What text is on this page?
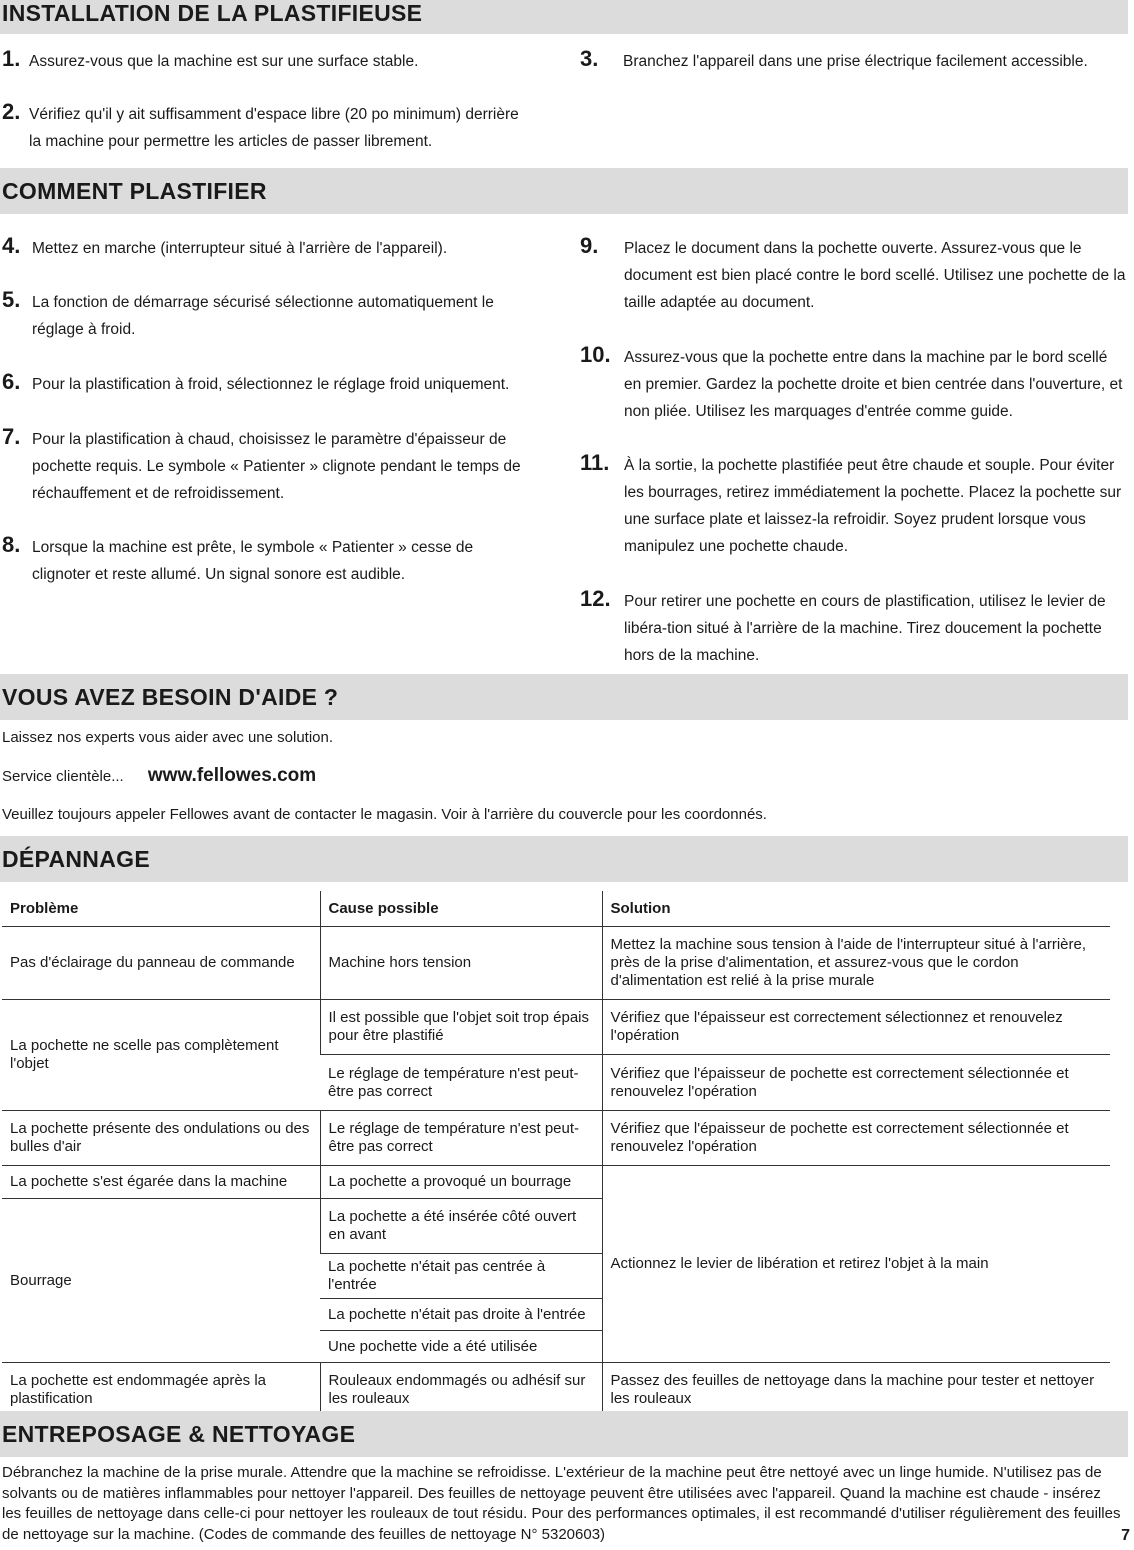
INSTALLATION DE LA PLASTIFIEUSE
1. Assurez-vous que la machine est sur une surface stable.
2. Vérifiez qu'il y ait suffisamment d'espace libre (20 po minimum) derrière la machine pour permettre les articles de passer librement.
3.	Branchez l'appareil dans une prise électrique facilement accessible.
COMMENT PLASTIFIER
4. Mettez en marche (interrupteur situé à l'arrière de l'appareil).
5. La fonction de démarrage sécurisé sélectionne automatiquement le réglage à froid.
6. Pour la plastification à froid, sélectionnez le réglage froid uniquement.
7. Pour la plastification à chaud, choisissez le paramètre d'épaisseur de pochette requis. Le symbole « Patienter » clignote pendant le temps de réchauffement et de refroidissement.
8. Lorsque la machine est prête, le symbole « Patienter » cesse de clignoter et reste allumé. Un signal sonore est audible.
9.	Placez le document dans la pochette ouverte. Assurez-vous que le document est bien placé contre le bord scellé. Utilisez une pochette de la taille adaptée au document.
10. Assurez-vous que la pochette entre dans la machine par le bord scellé en premier. Gardez la pochette droite et bien centrée dans l'ouverture, et non pliée. Utilisez les marquages d'entrée comme guide.
11. À la sortie, la pochette plastifiée peut être chaude et souple. Pour éviter les bourrages, retirez immédiatement la pochette. Placez la pochette sur une surface plate et laissez-la refroidir. Soyez prudent lorsque vous manipulez une pochette chaude.
12. Pour retirer une pochette en cours de plastification, utilisez le levier de libéra-tion situé à l'arrière de la machine. Tirez doucement la pochette hors de la machine.
VOUS AVEZ BESOIN D'AIDE ?
Laissez nos experts vous aider avec une solution.
Service clientèle... www.fellowes.com
Veuillez toujours appeler Fellowes avant de contacter le magasin. Voir à l'arrière du couvercle pour les coordonnés.
DÉPANNAGE
Problème	Cause possible	Solution
Pas d'éclairage du panneau de commande	Machine hors tension	Mettez la machine sous tension à l'aide de l'interrupteur situé à l'arrière, près de la prise d'alimentation, et assurez-vous que le cordon d'alimentation est relié à la prise murale
La pochette ne scelle pas complètement l'objet	Il est possible que l'objet soit trop épais pour être plastifié	Vérifiez que l'épaisseur est correctement sélectionnez et renouvelez l'opération
	Le réglage de température n'est peut-être pas correct	Vérifiez que l'épaisseur de pochette est correctement sélectionnée et renouvelez l'opération
La pochette présente des ondulations ou des bulles d'air	Le réglage de température n'est peut-être pas correct	Vérifiez que l'épaisseur de pochette est correctement sélectionnée et renouvelez l'opération
La pochette s'est égarée dans la machine	La pochette a provoqué un bourrage	Actionnez le levier de libération et retirez l'objet à la main
Bourrage	La pochette a été insérée côté ouvert en avant	
	La pochette n'était pas centrée à l'entrée	
	La pochette n'était pas droite à l'entrée	
	Une pochette vide a été utilisée	
La pochette est endommagée après la plastification	Rouleaux endommagés ou adhésif sur les rouleaux	Passez des feuilles de nettoyage dans la machine pour tester et nettoyer les rouleaux
ENTREPOSAGE & NETTOYAGE
Débranchez la machine de la prise murale. Attendre que la machine se refroidisse. L'extérieur de la machine peut être nettoyé avec un linge humide. N'utilisez pas de solvants ou de matières inflammables pour nettoyer l'appareil. Des feuilles de nettoyage peuvent être utilisées avec l'appareil. Quand la machine est chaude - insérez les feuilles de nettoyage dans celle-ci pour nettoyer les rouleaux de tout résidu. Pour des performances optimales, il est recommandé d'utiliser régulièrement des feuilles de nettoyage sur la machine. (Codes de commande des feuilles de nettoyage N° 5320603)	7
